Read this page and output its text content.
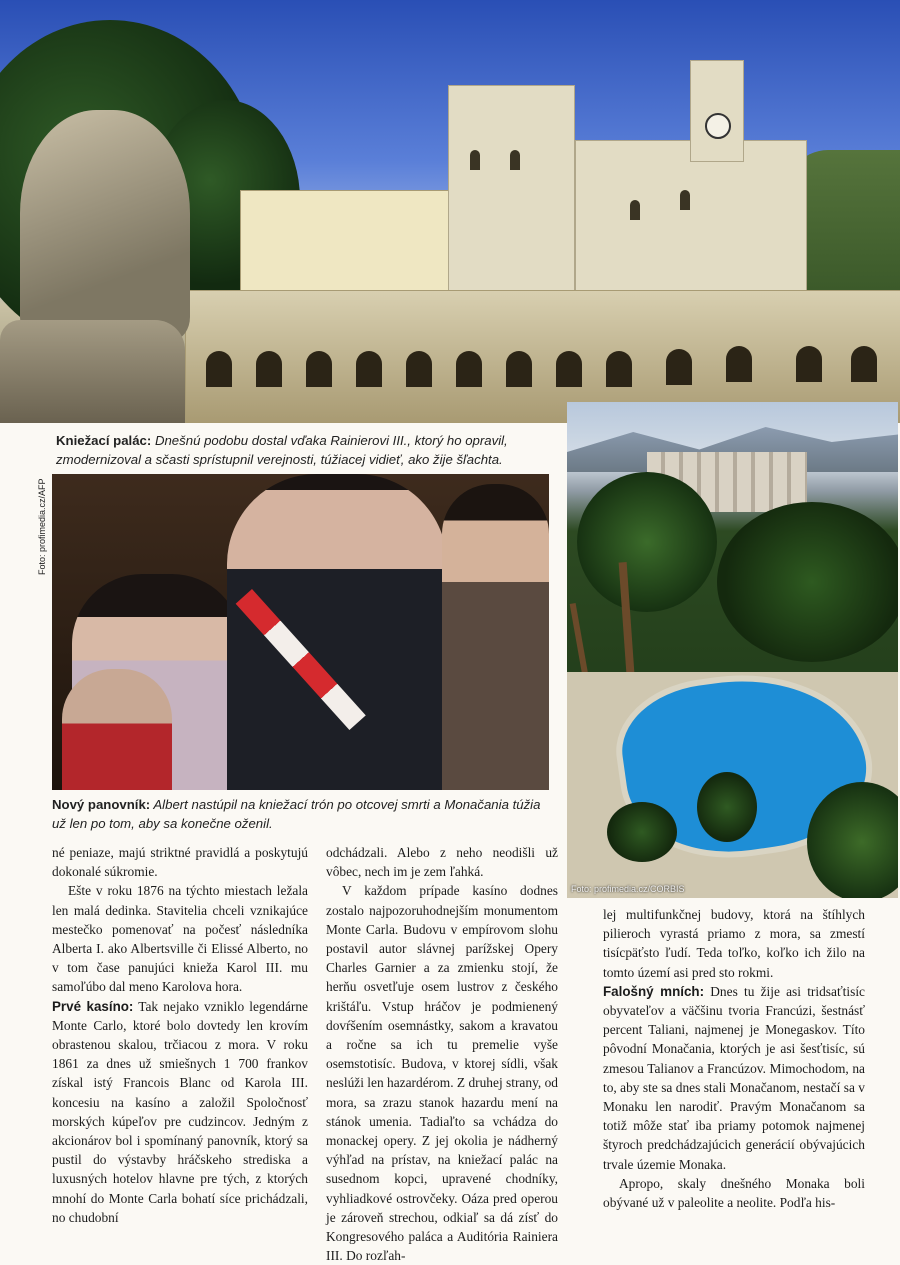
Kniežací palác: Dnešnú podobu dostal vďaka Rainierovi III., ktorý ho opravil, zmodernizoval a sčasti sprístupnil verejnosti, túžiacej vidieť, ako žije šľachta.
Foto: profimedia.cz/CORBIS
Foto: profimedia.cz/AFP
Nový panovník: Albert nastúpil na kniežací trón po otcovej smrti a Monačania túžia už len po tom, aby sa konečne oženil.

né peniaze, majú striktné pravidlá a poskytujú dokonalé súkromie.

Ešte v roku 1876 na týchto miestach ležala len malá dedinka. Stavitelia chceli vznikajúce mestečko pomenovať na počesť následníka Alberta I. ako Albertsville či Elissé Alberto, no v tom čase panujúci knieža Karol III. mu samoľúbo dal meno Karolova hora.

Prvé kasíno: Tak nejako vzniklo legendárne Monte Carlo, ktoré bolo dovtedy len krovím obrastenou skalou, trčiacou z mora. V roku 1861 za dnes už smiešnych 1 700 frankov získal istý Francois Blanc od Karola III. koncesiu na kasíno a založil Spoločnosť morských kúpeľov pre cudzincov. Jedným z akcionárov bol i spomínaný panovník, ktorý sa pustil do výstavby hráčskeho strediska a luxusných hotelov hlavne pre tých, z ktorých mnohí do Monte Carla bohatí síce prichádzali, no chudobní

odchádzali. Alebo z neho neodišli už vôbec, nech im je zem ľahká.

V každom prípade kasíno dodnes zostalo najpozoruhodnejším monumentom Monte Carla. Budovu v empírovom slohu postavil autor slávnej parížskej Opery Charles Garnier a za zmienku stojí, že herňu osvetľuje osem lustrov z českého krištáľu. Vstup hráčov je podmienený dovŕšením osemnástky, sakom a kravatou a ročne sa ich tu premelie vyše osemstotisíc. Budova, v ktorej sídli, však neslúži len hazardérom. Z druhej strany, od mora, sa zrazu stanok hazardu mení na stánok umenia. Tadiaľto sa vchádza do monackej opery. Z jej okolia je nádherný výhľad na prístav, na kniežací palác na susednom kopci, upravené chodníky, vyhliadkové ostrovčeky. Oáza pred operou je zároveň strechou, odkiaľ sa dá zísť do Kongresového paláca a Auditória Rainiera III. Do rozľah-

lej multifunkčnej budovy, ktorá na štíhlych pilieroch vyrastá priamo z mora, sa zmestí tisícpäťsto ľudí. Teda toľko, koľko ich žilo na tomto území asi pred sto rokmi.

Falošný mních: Dnes tu žije asi tridsaťtisíc obyvateľov a väčšinu tvoria Francúzi, šestnásť percent Taliani, najmenej je Monegaskov. Títo pôvodní Monačania, ktorých je asi šesťtisíc, sú zmesou Talianov a Francúzov. Mimochodom, na to, aby ste sa dnes stali Monačanom, nestačí sa v Monaku len narodiť. Pravým Monačanom sa totiž môže stať iba priamy potomok najmenej štyroch predchádzajúcich generácií obývajúcich trvale územie Monaka.

Apropo, skaly dnešného Monaka boli obývané už v paleolite a neolite. Podľa his-
